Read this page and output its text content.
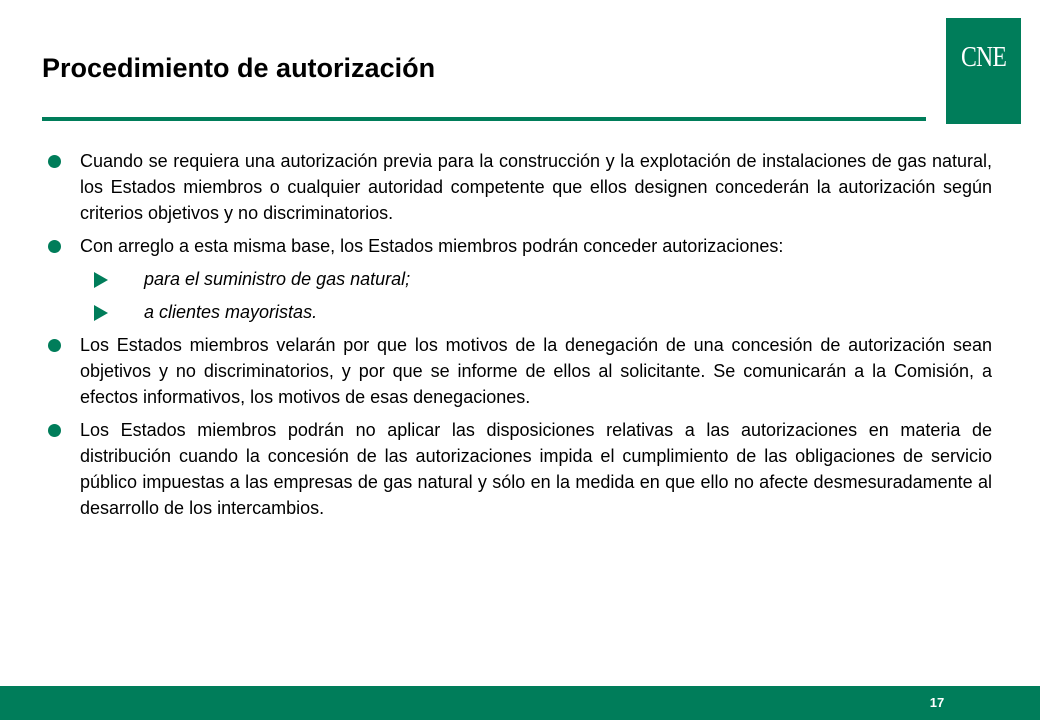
Procedimiento de autorización	CNE
Cuando se requiera una autorización previa para la construcción y la explotación de instalaciones de gas natural, los Estados miembros o cualquier autoridad competente que ellos designen concederán la autorización según criterios objetivos y no discriminatorios.
Con arreglo a esta misma base, los Estados miembros podrán conceder autorizaciones:
para el suministro de gas natural;
a clientes mayoristas.
Los Estados miembros velarán por que los motivos de la denegación de una concesión de autorización sean objetivos y no discriminatorios, y por que se informe de ellos al solicitante. Se comunicarán a la Comisión, a efectos informativos, los motivos de esas denegaciones.
Los Estados miembros podrán no aplicar las disposiciones relativas a las autorizaciones en materia de distribución cuando la concesión de las autorizaciones impida el cumplimiento de las obligaciones de servicio público impuestas a las empresas de gas natural y sólo en la medida en que ello no afecte desmesuradamente al desarrollo de los intercambios.
17
